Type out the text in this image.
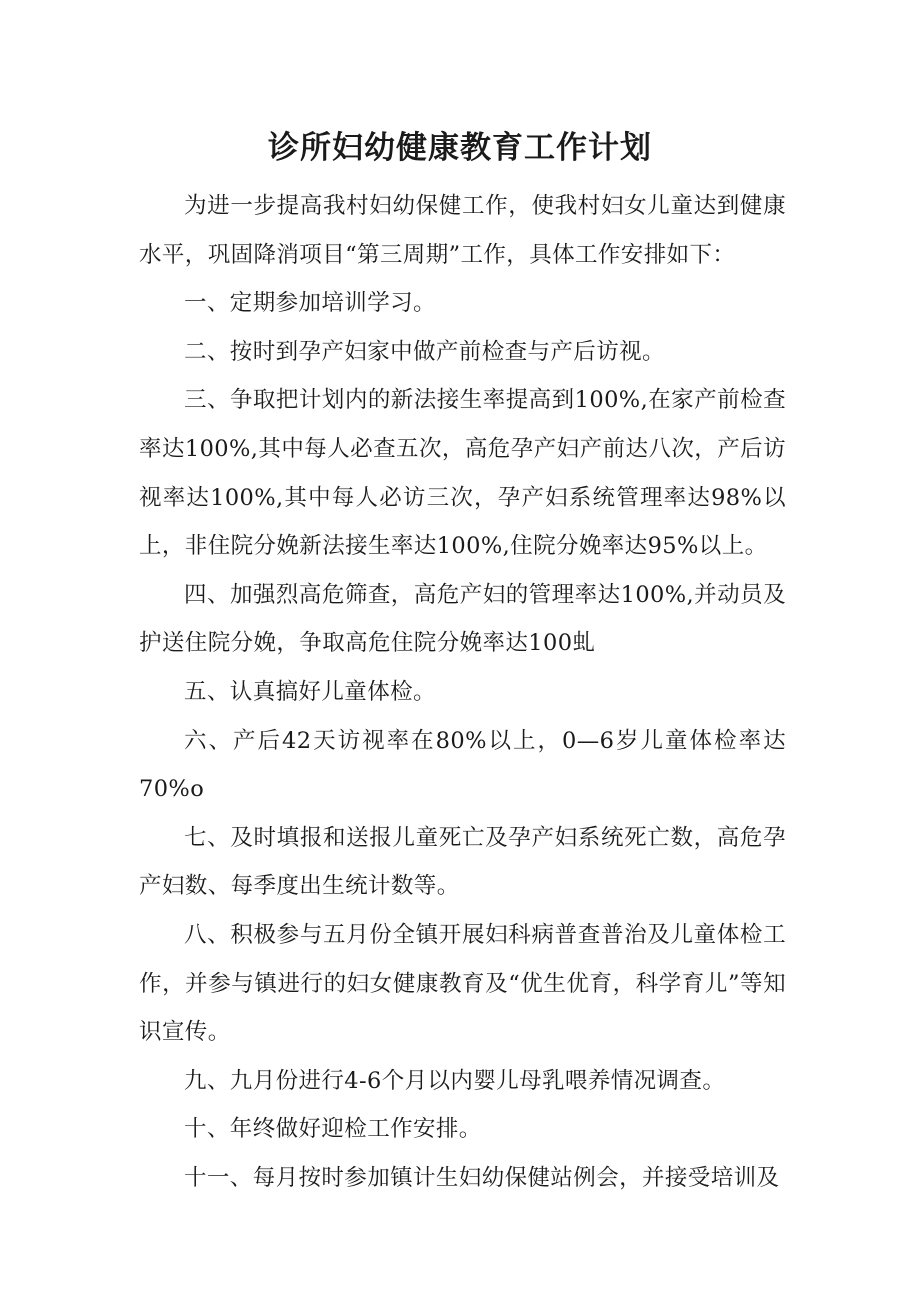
诊所妇幼健康教育工作计划

为进一步提高我村妇幼保健工作，使我村妇女儿童达到健康水平，巩固降消项目“第三周期”工作，具体工作安排如下：

一、定期参加培训学习。

二、按时到孕产妇家中做产前检查与产后访视。

三、争取把计划内的新法接生率提高到100%,在家产前检查率达100%,其中每人必查五次，高危孕产妇产前达八次，产后访视率达100%,其中每人必访三次，孕产妇系统管理率达98%以上，非住院分娩新法接生率达100%,住院分娩率达95%以上。

四、加强烈高危筛查，高危产妇的管理率达100%,并动员及护送住院分娩，争取高危住院分娩率达100虬

五、认真搞好儿童体检。

六、产后42天访视率在80%以上，0—6岁儿童体检率达70%o

七、及时填报和送报儿童死亡及孕产妇系统死亡数，高危孕产妇数、每季度出生统计数等。

八、积极参与五月份全镇开展妇科病普查普治及儿童体检工作，并参与镇进行的妇女健康教育及“优生优育，科学育儿”等知识宣传。

九、九月份进行4-6个月以内婴儿母乳喂养情况调查。

十、年终做好迎检工作安排。

十一、每月按时参加镇计生妇幼保健站例会，并接受培训及
